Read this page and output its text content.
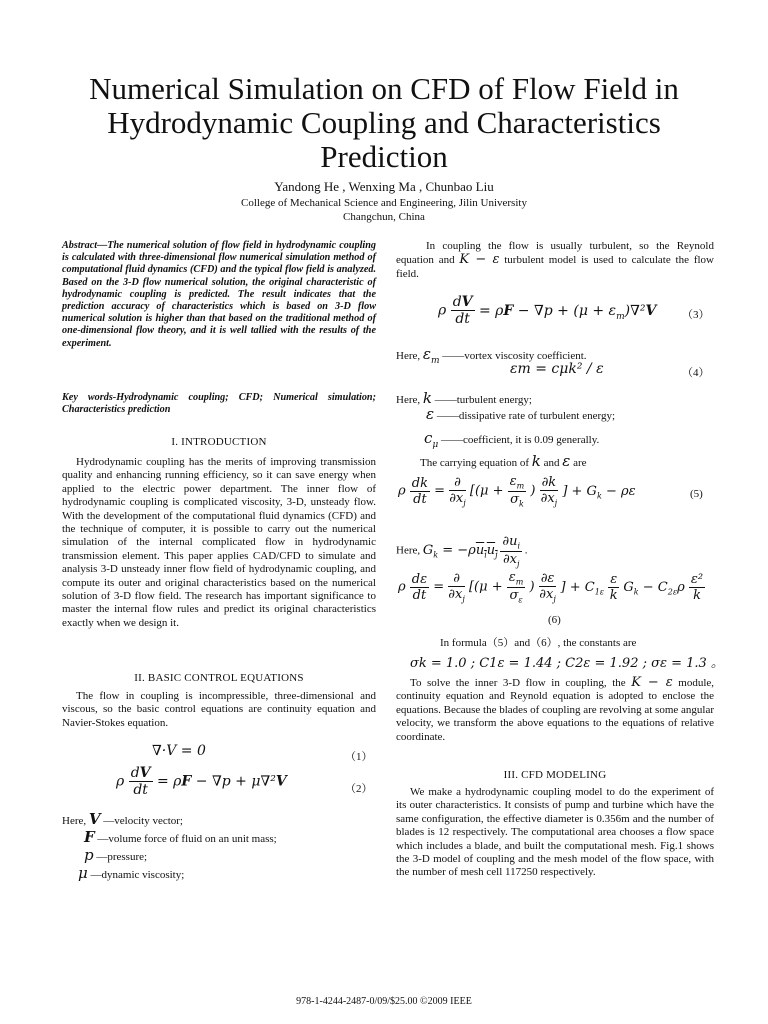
Numerical Simulation on CFD of Flow Field in Hydrodynamic Coupling and Characteristics Prediction
Yandong He , Wenxing Ma , Chunbao Liu
College of Mechanical Science and Engineering, Jilin University
Changchun, China
Abstract—The numerical solution of flow field in hydrodynamic coupling is calculated with three-dimensional flow numerical simulation method of computational fluid dynamics (CFD) and the typical flow field is analyzed. Based on the 3-D flow numerical solution, the original characteristic of hydrodynamic coupling is predicted. The result indicates that the prediction accuracy of characteristics which is based on 3-D flow numerical solution is higher than that based on the traditional method of one-dimensional flow theory, and it is well tallied with the results of the experiment.
Key words-Hydrodynamic coupling; CFD; Numerical simulation; Characteristics prediction
I. INTRODUCTION

Hydrodynamic coupling has the merits of improving transmission quality and enhancing running efficiency, so it can save energy when applied to the electric power department. The inner flow of hydrodynamic coupling is complicated viscosity, 3-D, unsteady flow. With the development of the computational fluid dynamics (CFD) and the technique of computer, it is possible to carry out the numerical simulation of the internal complicated flow in hydrodynamic transmission element. This paper applies CAD/CFD to simulate and analysis 3-D unsteady inner flow field of hydrodynamic coupling, and compute its outer and original characteristics based on the numerical solution of 3-D flow field. The research has important significance to master the internal flow rules and predict its original characteristics exactly when we design it.

II. BASIC CONTROL EQUATIONS

The flow in coupling is incompressible, three-dimensional and viscous, so the basic control equations are continuity equation and Navier-Stokes equation.

∇·V = 0	（1）
ρ $\frac{dV}{dt} = \rho F - \nabla p + \mu\nabla^2V$	（2）
Here, V —velocity vector;
F —volume force of fluid on an unit mass;
p —pressure;
μ —dynamic viscosity;

In coupling the flow is usually turbulent, so the Reynold equation and K − ε turbulent model is used to calculate the flow field.

ρ $\frac{dV}{dt} = \rho F - \nabla p + (\mu + \varepsilon_m)\nabla^2V$ （3）
Here, $\varepsilon_m$ ——vortex viscosity coefficient.
εm = cμk² / ε	（4）
Here, k ——turbulent energy;
ε ——dissipative rate of turbulent energy;
$c_\mu$ ——coefficient, it is 0.09 generally.
The carrying equation of k and ε are
ρ $\frac{dk}{dt} = \frac{\partial}{\partial x_j} [(\mu + \frac{\varepsilon_m}{\sigma_k}$ ) $\frac{\partial k}{\partial x_j}$ ] + $G_k - \rho\varepsilon$	(5)
Here, $G_k = -\rho u_iu_j \frac{\partial u_i}{\partial x_j}$ .
ρ $\frac{d\varepsilon}{dt} = \frac{\partial}{\partial x_j} [(\mu + \frac{\varepsilon_m}{\sigma_\varepsilon}$ ) $\frac{\partial\varepsilon}{\partial x_j}$ ] + $C_{1\varepsilon} \frac{\varepsilon}{k} G_k - C_{2\varepsilon}\rho \frac{\text{ε²}}{k}$
(6)
In formula（5）and（6）, the constants are
σk = 1.0 ; C1ε = 1.44 ; C2ε = 1.92 ; σε = 1.3 。

To solve the inner 3-D flow in coupling, the K − ε module, continuity equation and Reynold equation is adopted to enclose the equations. Because the blades of coupling are revolving at some angular velocity, we transform the above equations to the equations of relative coordinate.

III. CFD MODELING

We make a hydrodynamic coupling model to do the experiment of its outer characteristics. It consists of pump and turbine which have the same configuration, the effective diameter is 0.356m and the number of blades is 12 respectively. The computational area chooses a flow space which includes a blade, and built the computational mesh. Fig.1 shows the 3-D model of coupling and the mesh model of the flow space, with the number of mesh cell 117250 respectively.

978-1-4244-2487-0/09/$25.00 ©2009 IEEE
